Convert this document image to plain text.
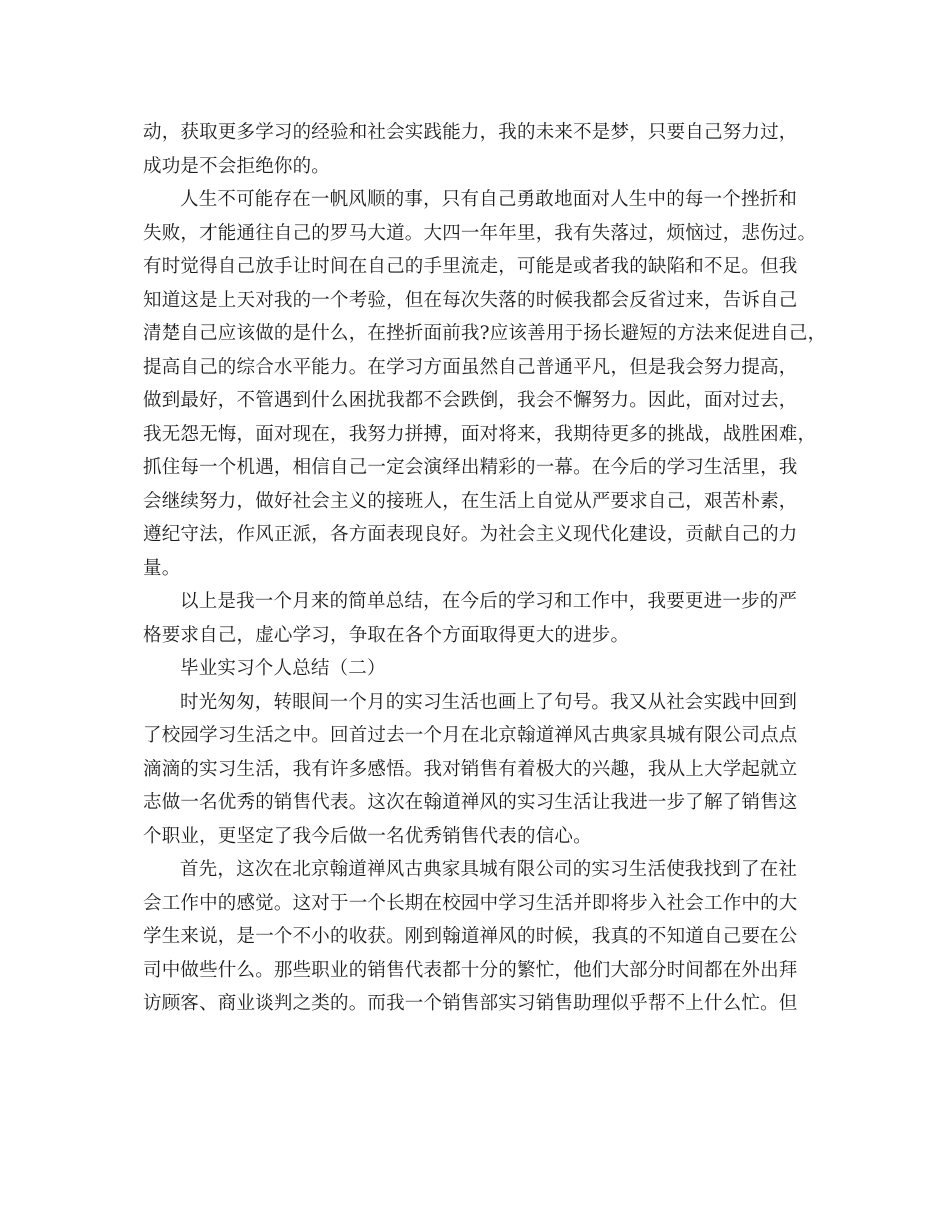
动，获取更多学习的经验和社会实践能力，我的未来不是梦，只要自己努力过，
成功是不会拒绝你的。
人生不可能存在一帆风顺的事，只有自己勇敢地面对人生中的每一个挫折和
失败，才能通往自己的罗马大道。大四一年年里，我有失落过，烦恼过，悲伤过。
有时觉得自己放手让时间在自己的手里流走，可能是或者我的缺陷和不足。但我
知道这是上天对我的一个考验，但在每次失落的时候我都会反省过来，告诉自己
清楚自己应该做的是什么，在挫折面前我?应该善用于扬长避短的方法来促进自己，
提高自己的综合水平能力。在学习方面虽然自己普通平凡，但是我会努力提高，
做到最好，不管遇到什么困扰我都不会跌倒，我会不懈努力。因此，面对过去，
我无怨无悔，面对现在，我努力拼搏，面对将来，我期待更多的挑战，战胜困难，
抓住每一个机遇，相信自己一定会演绎出精彩的一幕。在今后的学习生活里，我
会继续努力，做好社会主义的接班人，在生活上自觉从严要求自己，艰苦朴素，
遵纪守法，作风正派，各方面表现良好。为社会主义现代化建设，贡献自己的力
量。
以上是我一个月来的简单总结，在今后的学习和工作中，我要更进一步的严
格要求自己，虚心学习，争取在各个方面取得更大的进步。
毕业实习个人总结（二）
时光匆匆，转眼间一个月的实习生活也画上了句号。我又从社会实践中回到
了校园学习生活之中。回首过去一个月在北京翰道禅风古典家具城有限公司点点
滴滴的实习生活，我有许多感悟。我对销售有着极大的兴趣，我从上大学起就立
志做一名优秀的销售代表。这次在翰道禅风的实习生活让我进一步了解了销售这
个职业，更坚定了我今后做一名优秀销售代表的信心。
首先，这次在北京翰道禅风古典家具城有限公司的实习生活使我找到了在社
会工作中的感觉。这对于一个长期在校园中学习生活并即将步入社会工作中的大
学生来说，是一个不小的收获。刚到翰道禅风的时候，我真的不知道自己要在公
司中做些什么。那些职业的销售代表都十分的繁忙，他们大部分时间都在外出拜
访顾客、商业谈判之类的。而我一个销售部实习销售助理似乎帮不上什么忙。但
